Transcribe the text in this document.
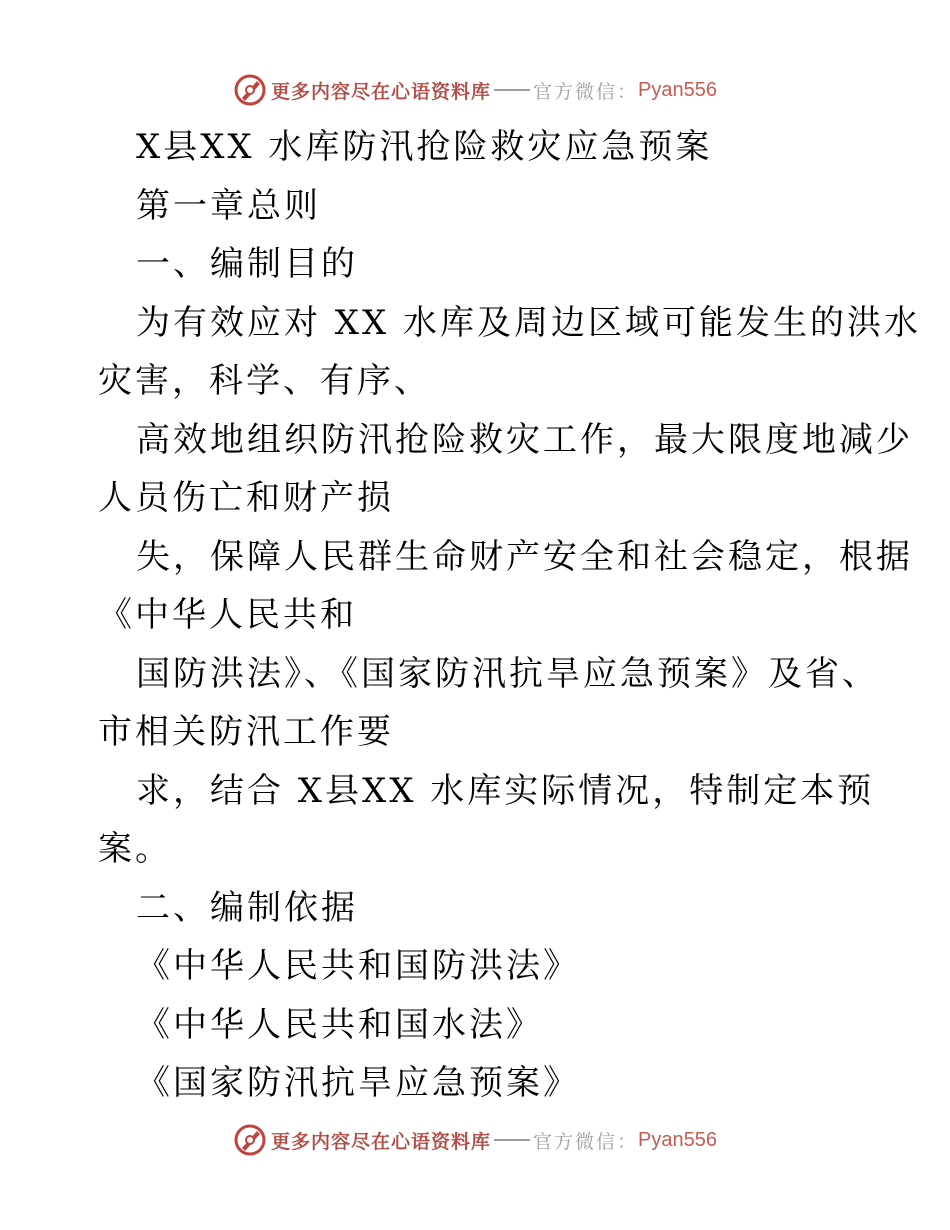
更多内容尽在心语资料库 官方微信： Pyan556
X县XX 水库防汛抢险救灾应急预案
第一章总则
一、编制目的
为有效应对 XX 水库及周边区域可能发生的洪水
灾害，科学、有序、
高效地组织防汛抢险救灾工作，最大限度地减少
人员伤亡和财产损
失，保障人民群生命财产安全和社会稳定，根据
《中华人民共和
国防洪法》、《国家防汛抗旱应急预案》及省、
市相关防汛工作要
求，结合 X县XX 水库实际情况，特制定本预
案。
二、编制依据
《中华人民共和国防洪法》
《中华人民共和国水法》
《国家防汛抗旱应急预案》
更多内容尽在心语资料库 官方微信： Pyan556
